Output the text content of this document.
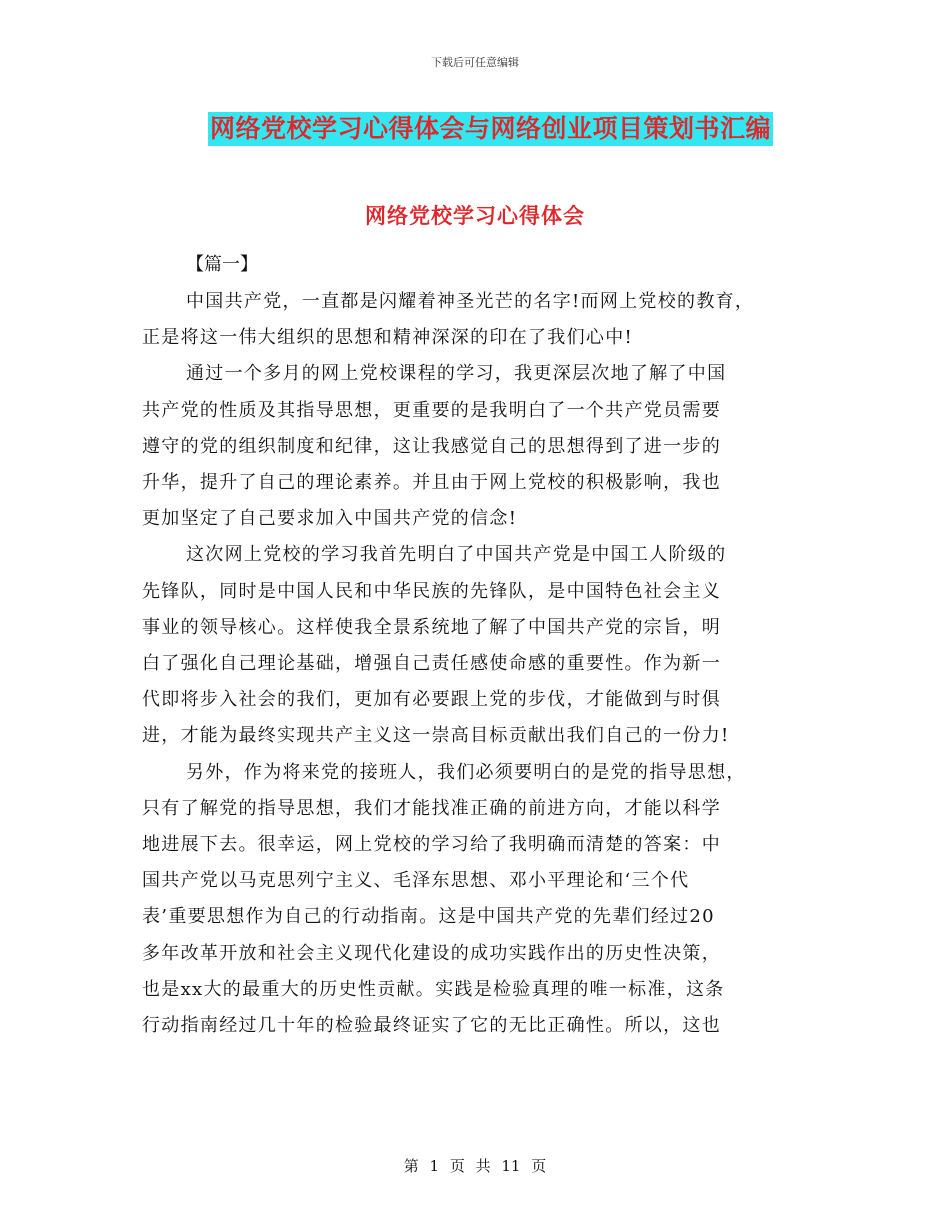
下载后可任意编辑
网络党校学习心得体会与网络创业项目策划书汇编
网络党校学习心得体会
【篇一】
中国共产党，一直都是闪耀着神圣光芒的名字!而网上党校的教育，
正是将这一伟大组织的思想和精神深深的印在了我们心中!
通过一个多月的网上党校课程的学习，我更深层次地了解了中国
共产党的性质及其指导思想，更重要的是我明白了一个共产党员需要
遵守的党的组织制度和纪律，这让我感觉自己的思想得到了进一步的
升华，提升了自己的理论素养。并且由于网上党校的积极影响，我也
更加坚定了自己要求加入中国共产党的信念!
这次网上党校的学习我首先明白了中国共产党是中国工人阶级的
先锋队，同时是中国人民和中华民族的先锋队，是中国特色社会主义
事业的领导核心。这样使我全景系统地了解了中国共产党的宗旨，明
白了强化自己理论基础，增强自己责任感使命感的重要性。作为新一
代即将步入社会的我们，更加有必要跟上党的步伐，才能做到与时俱
进，才能为最终实现共产主义这一崇高目标贡献出我们自己的一份力!
另外，作为将来党的接班人，我们必须要明白的是党的指导思想，
只有了解党的指导思想，我们才能找准正确的前进方向，才能以科学
地进展下去。很幸运，网上党校的学习给了我明确而清楚的答案：中
国共产党以马克思列宁主义、毛泽东思想、邓小平理论和‘三个代
表’重要思想作为自己的行动指南。这是中国共产党的先辈们经过20
多年改革开放和社会主义现代化建设的成功实践作出的历史性决策，
也是xx大的最重大的历史性贡献。实践是检验真理的唯一标准，这条
行动指南经过几十年的检验最终证实了它的无比正确性。所以，这也
第 1 页 共 11 页
